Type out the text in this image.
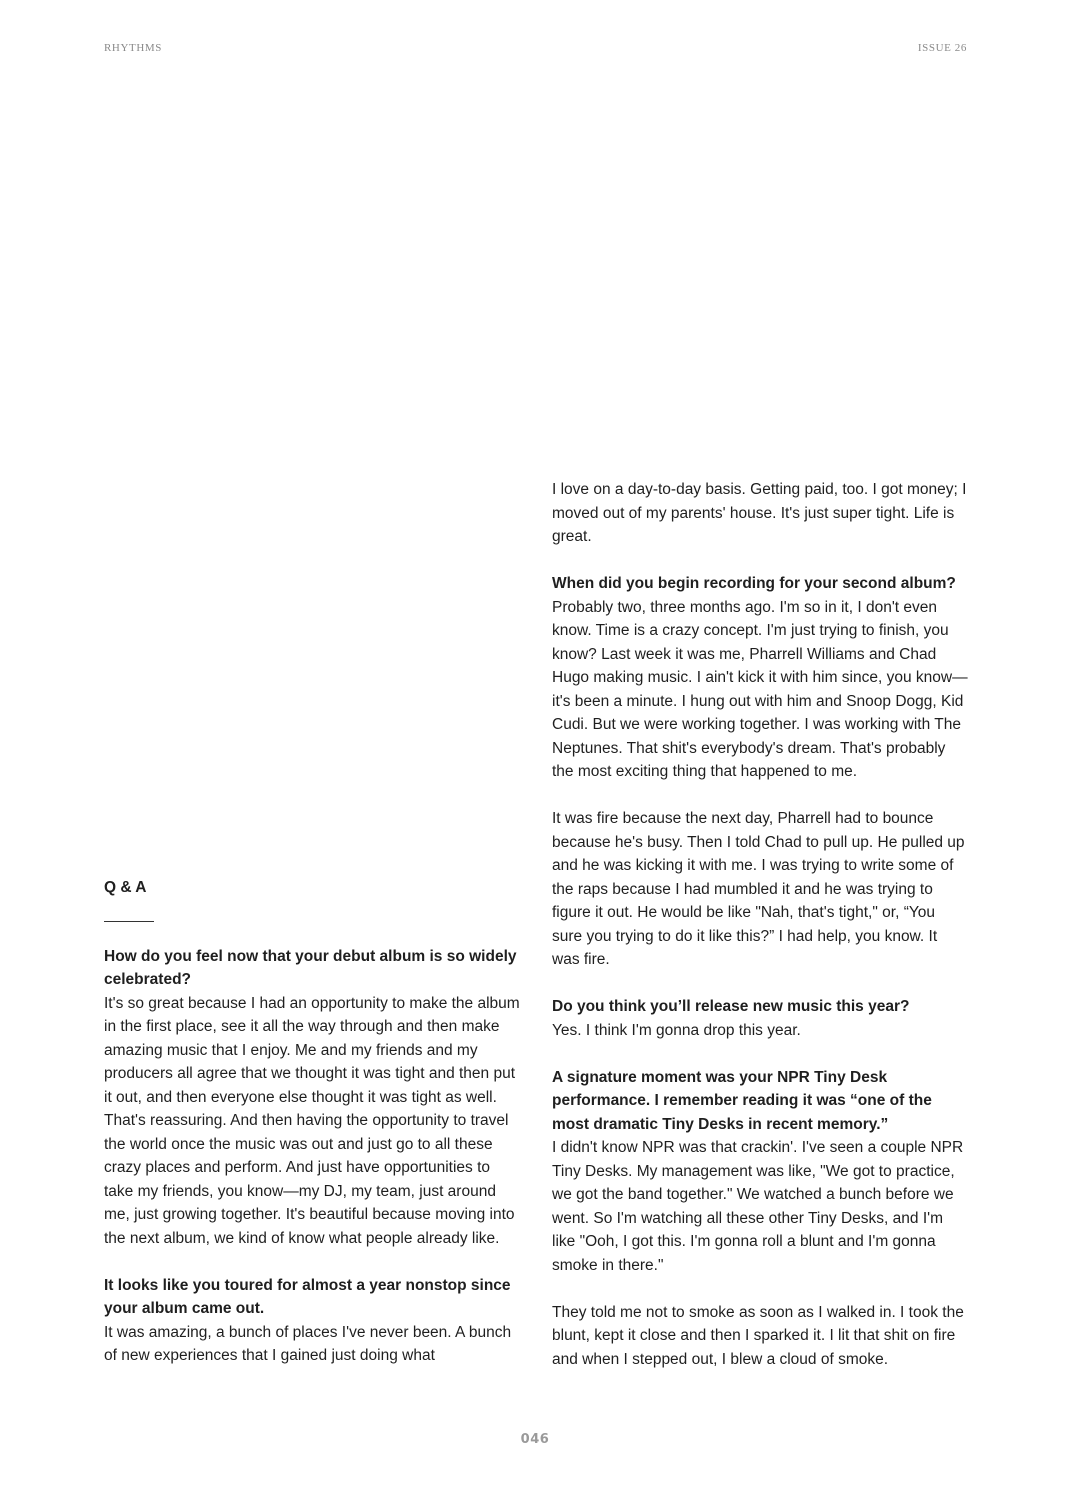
RHYTHMS	ISSUE 26
Q & A
How do you feel now that your debut album is so widely celebrated?
It's so great because I had an opportunity to make the album in the first place, see it all the way through and then make amazing music that I enjoy. Me and my friends and my producers all agree that we thought it was tight and then put it out, and then everyone else thought it was tight as well. That's reassuring. And then having the opportunity to travel the world once the music was out and just go to all these crazy places and perform. And just have opportunities to take my friends, you know—my DJ, my team, just around me, just growing together. It's beautiful because moving into the next album, we kind of know what people already like.
It looks like you toured for almost a year nonstop since your album came out.
It was amazing, a bunch of places I've never been. A bunch of new experiences that I gained just doing what
I love on a day-to-day basis. Getting paid, too. I got money; I moved out of my parents' house. It's just super tight. Life is great.
When did you begin recording for your second album?
Probably two, three months ago. I'm so in it, I don't even know. Time is a crazy concept. I'm just trying to finish, you know? Last week it was me, Pharrell Williams and Chad Hugo making music. I ain't kick it with him since, you know—it's been a minute. I hung out with him and Snoop Dogg, Kid Cudi. But we were working together. I was working with The Neptunes. That shit's everybody's dream. That's probably the most exciting thing that happened to me.
It was fire because the next day, Pharrell had to bounce because he's busy. Then I told Chad to pull up. He pulled up and he was kicking it with me. I was trying to write some of the raps because I had mumbled it and he was trying to figure it out. He would be like "Nah, that's tight," or, “You sure you trying to do it like this?” I had help, you know. It was fire.
Do you think you’ll release new music this year?
Yes. I think I'm gonna drop this year.
A signature moment was your NPR Tiny Desk performance. I remember reading it was “one of the most dramatic Tiny Desks in recent memory.”
I didn't know NPR was that crackin'. I've seen a couple NPR Tiny Desks. My management was like, "We got to practice, we got the band together." We watched a bunch before we went. So I'm watching all these other Tiny Desks, and I'm like "Ooh, I got this. I'm gonna roll a blunt and I'm gonna smoke in there."
They told me not to smoke as soon as I walked in. I took the blunt, kept it close and then I sparked it. I lit that shit on fire and when I stepped out, I blew a cloud of smoke.
046
